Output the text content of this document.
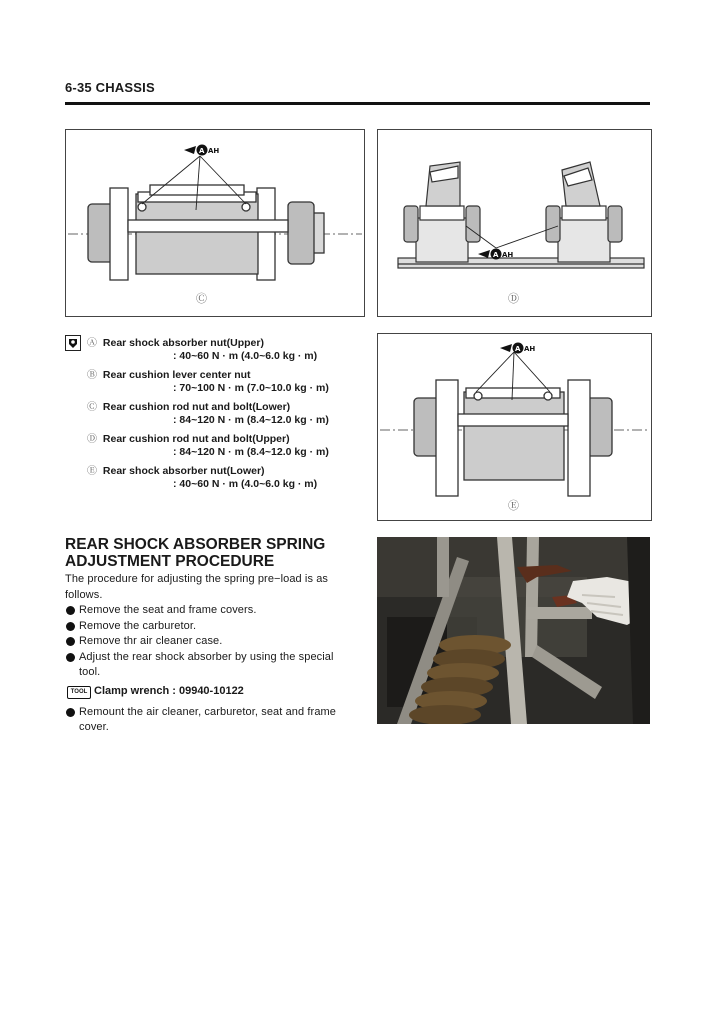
6-35 CHASSIS
A AH
Ⓒ
A AH
Ⓓ
Ⓐ Rear shock absorber nut(Upper)
: 40~60 N · m (4.0~6.0 kg · m)
Ⓑ Rear cushion lever center nut
: 70~100 N · m (7.0~10.0 kg · m)
Ⓒ Rear cushion rod nut and bolt(Lower)
: 84~120 N · m (8.4~12.0 kg · m)
Ⓓ Rear cushion rod nut and bolt(Upper)
: 84~120 N · m (8.4~12.0 kg · m)
Ⓔ Rear shock absorber nut(Lower)
: 40~60 N · m (4.0~6.0 kg · m)
A AH
Ⓔ
REAR SHOCK ABSORBER SPRING
ADJUSTMENT PROCEDURE

The procedure for adjusting the spring pre−load is as follows.

Remove the seat and frame covers.
Remove the carburetor.
Remove thr air cleaner case.
Adjust the rear shock absorber by using the special tool.
TOOL Clamp wrench : 09940-10122
Remount the air cleaner, carburetor, seat and frame cover.
